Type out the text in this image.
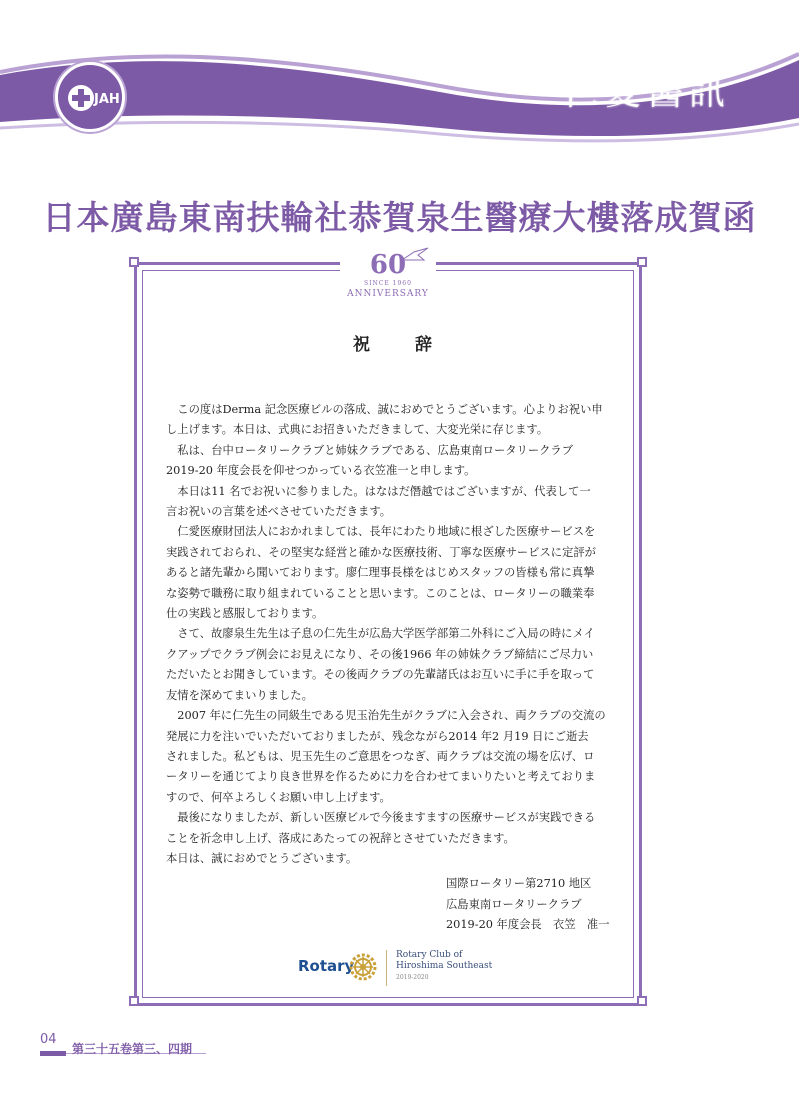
JAH	仁愛醫訊
日本廣島東南扶輪社恭賀泉生醫療大樓落成賀函
60
SINCE 1960
ANNIVERSARY
祝　辞

　この度はDerma 記念医療ビルの落成、誠におめでとうございます。心よりお祝い申

し上げます。本日は、式典にお招きいただきまして、大変光栄に存じます。

　私は、台中ロータリークラブと姉妹クラブである、広島東南ロータリークラブ

2019-20 年度会長を仰せつかっている衣笠准一と申します。

　本日は11 名でお祝いに参りました。はなはだ僭越ではございますが、代表して一

言お祝いの言葉を述べさせていただきます。

　仁愛医療財団法人におかれましては、長年にわたり地域に根ざした医療サービスを

実践されておられ、その堅実な経営と確かな医療技術、丁寧な医療サービスに定評が

あると諸先輩から聞いております。廖仁理事長様をはじめスタッフの皆様も常に真摯

な姿勢で職務に取り組まれていることと思います。このことは、ロータリーの職業奉

仕の実践と感服しております。

　さて、故廖泉生先生は子息の仁先生が広島大学医学部第二外科にご入局の時にメイ

クアップでクラブ例会にお見えになり、その後1966 年の姉妹クラブ締結にご尽力い

ただいたとお聞きしています。その後両クラブの先輩諸氏はお互いに手に手を取って

友情を深めてまいりました。

　2007 年に仁先生の同級生である児玉治先生がクラブに入会され、両クラブの交流の

発展に力を注いでいただいておりましたが、残念ながら2014 年2 月19 日にご逝去

されました。私どもは、児玉先生のご意思をつなぎ、両クラブは交流の場を広げ、ロ

ータリーを通じてより良き世界を作るために力を合わせてまいりたいと考えておりま

すので、何卒よろしくお願い申し上げます。

　最後になりましたが、新しい医療ビルで今後ますますの医療サービスが実践できる

ことを祈念申し上げ、落成にあたっての祝辞とさせていただきます。

本日は、誠におめでとうございます。

国際ロータリー第2710 地区

広島東南ロータリークラブ

2019-20 年度会長　衣笠　准一

Rotary
Rotary Club of
Hiroshima Southeast
2019-2020
04
第三十五卷第三、四期
